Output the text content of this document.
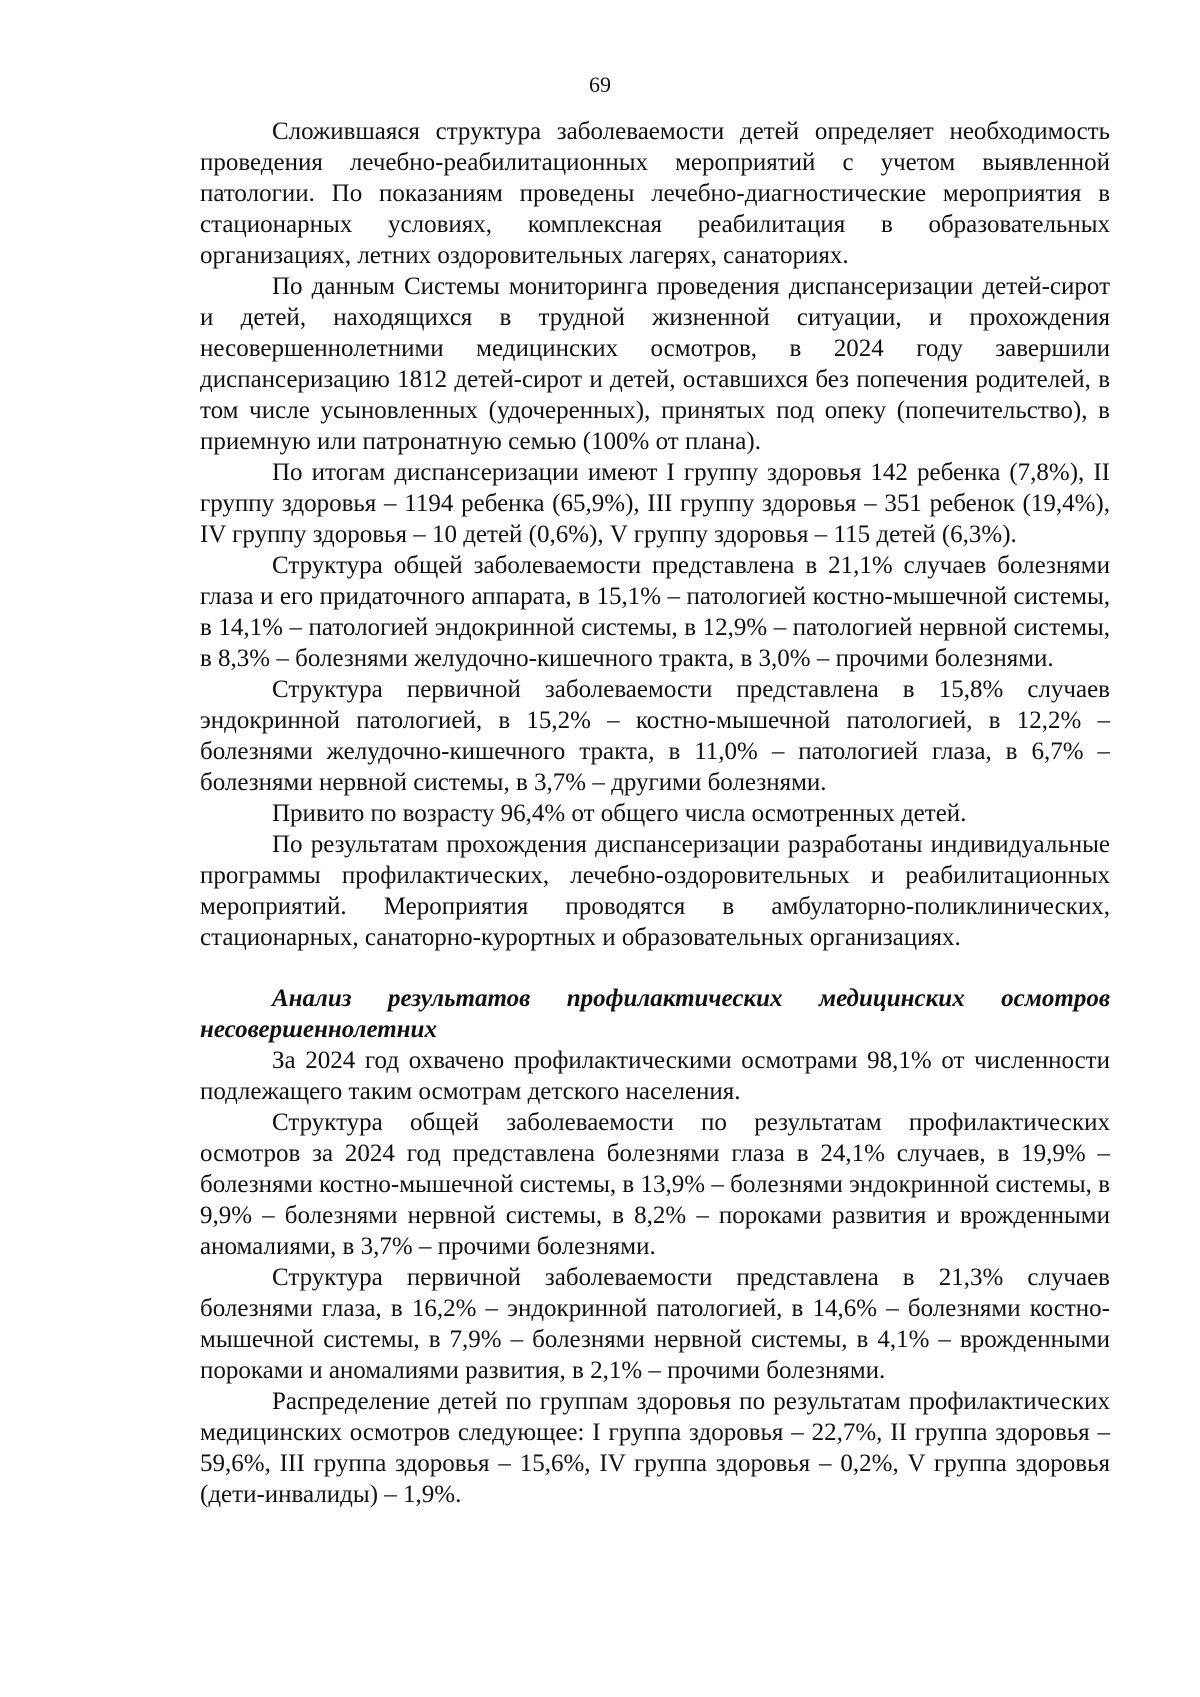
69

Сложившаяся структура заболеваемости детей определяет необходимость проведения лечебно-реабилитационных мероприятий с учетом выявленной патологии. По показаниям проведены лечебно-диагностические мероприятия в стационарных условиях, комплексная реабилитация в образовательных организациях, летних оздоровительных лагерях, санаториях.

По данным Системы мониторинга проведения диспансеризации детей-сирот и детей, находящихся в трудной жизненной ситуации, и прохождения несовершеннолетними медицинских осмотров, в 2024 году завершили диспансеризацию 1812 детей-сирот и детей, оставшихся без попечения родителей, в том числе усыновленных (удочеренных), принятых под опеку (попечительство), в приемную или патронатную семью (100% от плана).

По итогам диспансеризации имеют I группу здоровья 142 ребенка (7,8%), II группу здоровья – 1194 ребенка (65,9%), III группу здоровья – 351 ребенок (19,4%), IV группу здоровья – 10 детей (0,6%), V группу здоровья – 115 детей (6,3%).

Структура общей заболеваемости представлена в 21,1% случаев болезнями глаза и его придаточного аппарата, в 15,1% – патологией костно-мышечной системы, в 14,1% – патологией эндокринной системы, в 12,9% – патологией нервной системы, в 8,3% – болезнями желудочно-кишечного тракта, в 3,0% – прочими болезнями.

Структура первичной заболеваемости представлена в 15,8% случаев эндокринной патологией, в 15,2% – костно-мышечной патологией, в 12,2% – болезнями желудочно-кишечного тракта, в 11,0% – патологией глаза, в 6,7% – болезнями нервной системы, в 3,7% – другими болезнями.

Привито по возрасту 96,4% от общего числа осмотренных детей.

По результатам прохождения диспансеризации разработаны индивидуальные программы профилактических, лечебно-оздоровительных и реабилитационных мероприятий. Мероприятия проводятся в амбулаторно-поликлинических, стационарных, санаторно-курортных и образовательных организациях.

Анализ результатов профилактических медицинских осмотров несовершеннолетних

За 2024 год охвачено профилактическими осмотрами 98,1% от численности подлежащего таким осмотрам детского населения.

Структура общей заболеваемости по результатам профилактических осмотров за 2024 год представлена болезнями глаза в 24,1% случаев, в 19,9% – болезнями костно-мышечной системы, в 13,9% – болезнями эндокринной системы, в 9,9% – болезнями нервной системы, в 8,2% – пороками развития и врожденными аномалиями, в 3,7% – прочими болезнями.

Структура первичной заболеваемости представлена в 21,3% случаев болезнями глаза, в 16,2% – эндокринной патологией, в 14,6% – болезнями костно-мышечной системы, в 7,9% – болезнями нервной системы, в 4,1% – врожденными пороками и аномалиями развития, в 2,1% – прочими болезнями.

Распределение детей по группам здоровья по результатам профилактических медицинских осмотров следующее: I группа здоровья – 22,7%, II группа здоровья – 59,6%, III группа здоровья – 15,6%, IV группа здоровья – 0,2%, V группа здоровья (дети-инвалиды) – 1,9%.
